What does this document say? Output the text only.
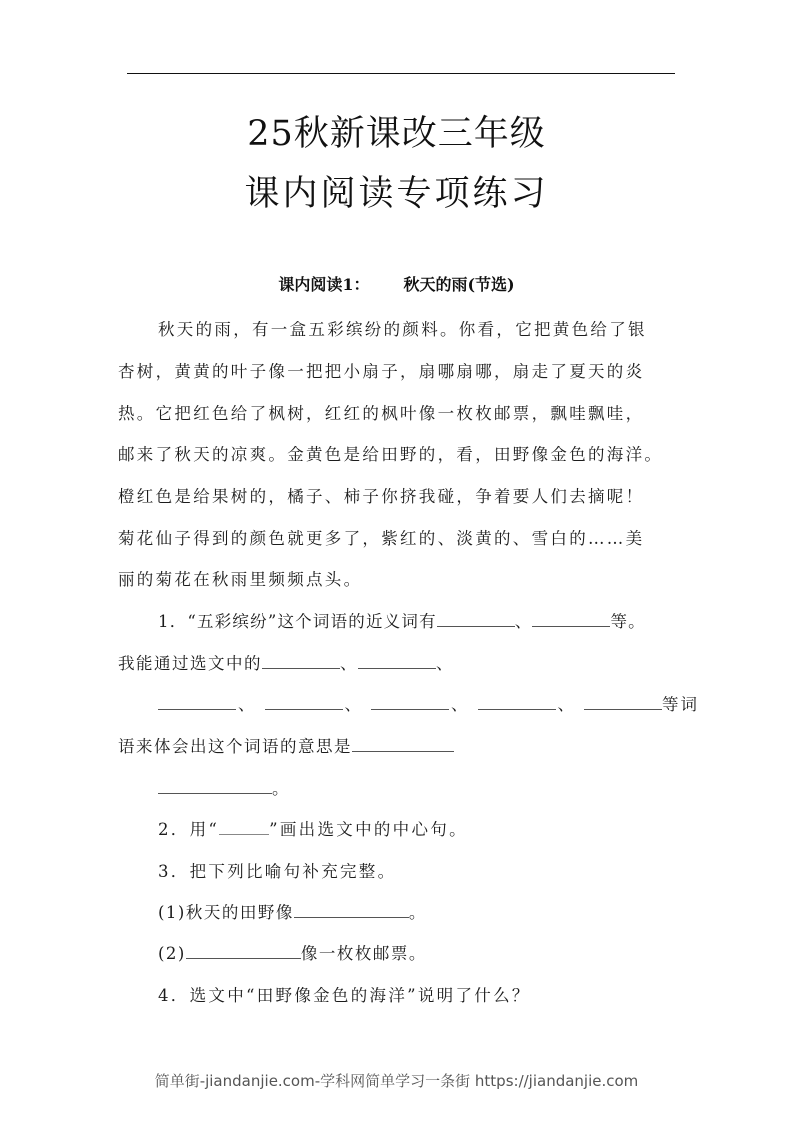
25秋新课改三年级
课内阅读专项练习
课内阅读1： 秋天的雨(节选)
秋天的雨，有一盒五彩缤纷的颜料。你看，它把黄色给了银
杏树，黄黄的叶子像一把把小扇子，扇哪扇哪，扇走了夏天的炎
热。它把红色给了枫树，红红的枫叶像一枚枚邮票，飘哇飘哇，
邮来了秋天的凉爽。金黄色是给田野的，看，田野像金色的海洋。
橙红色是给果树的，橘子、柿子你挤我碰，争着要人们去摘呢！
菊花仙子得到的颜色就更多了，紫红的、淡黄的、雪白的……美
丽的菊花在秋雨里频频点头。
1．“五彩缤纷”这个词语的近义词有	、	等。
我能通过选文中的	、	、
、	、	、	、	等词
语来体会出这个词语的意思是
。
2．用“	”画出选文中的中心句。
3．把下列比喻句补充完整。
(1)秋天的田野像	。
(2)	像一枚枚邮票。
4．选文中“田野像金色的海洋”说明了什么？
简单街-jiandanjie.com-学科网简单学习一条街 https://jiandanjie.com
